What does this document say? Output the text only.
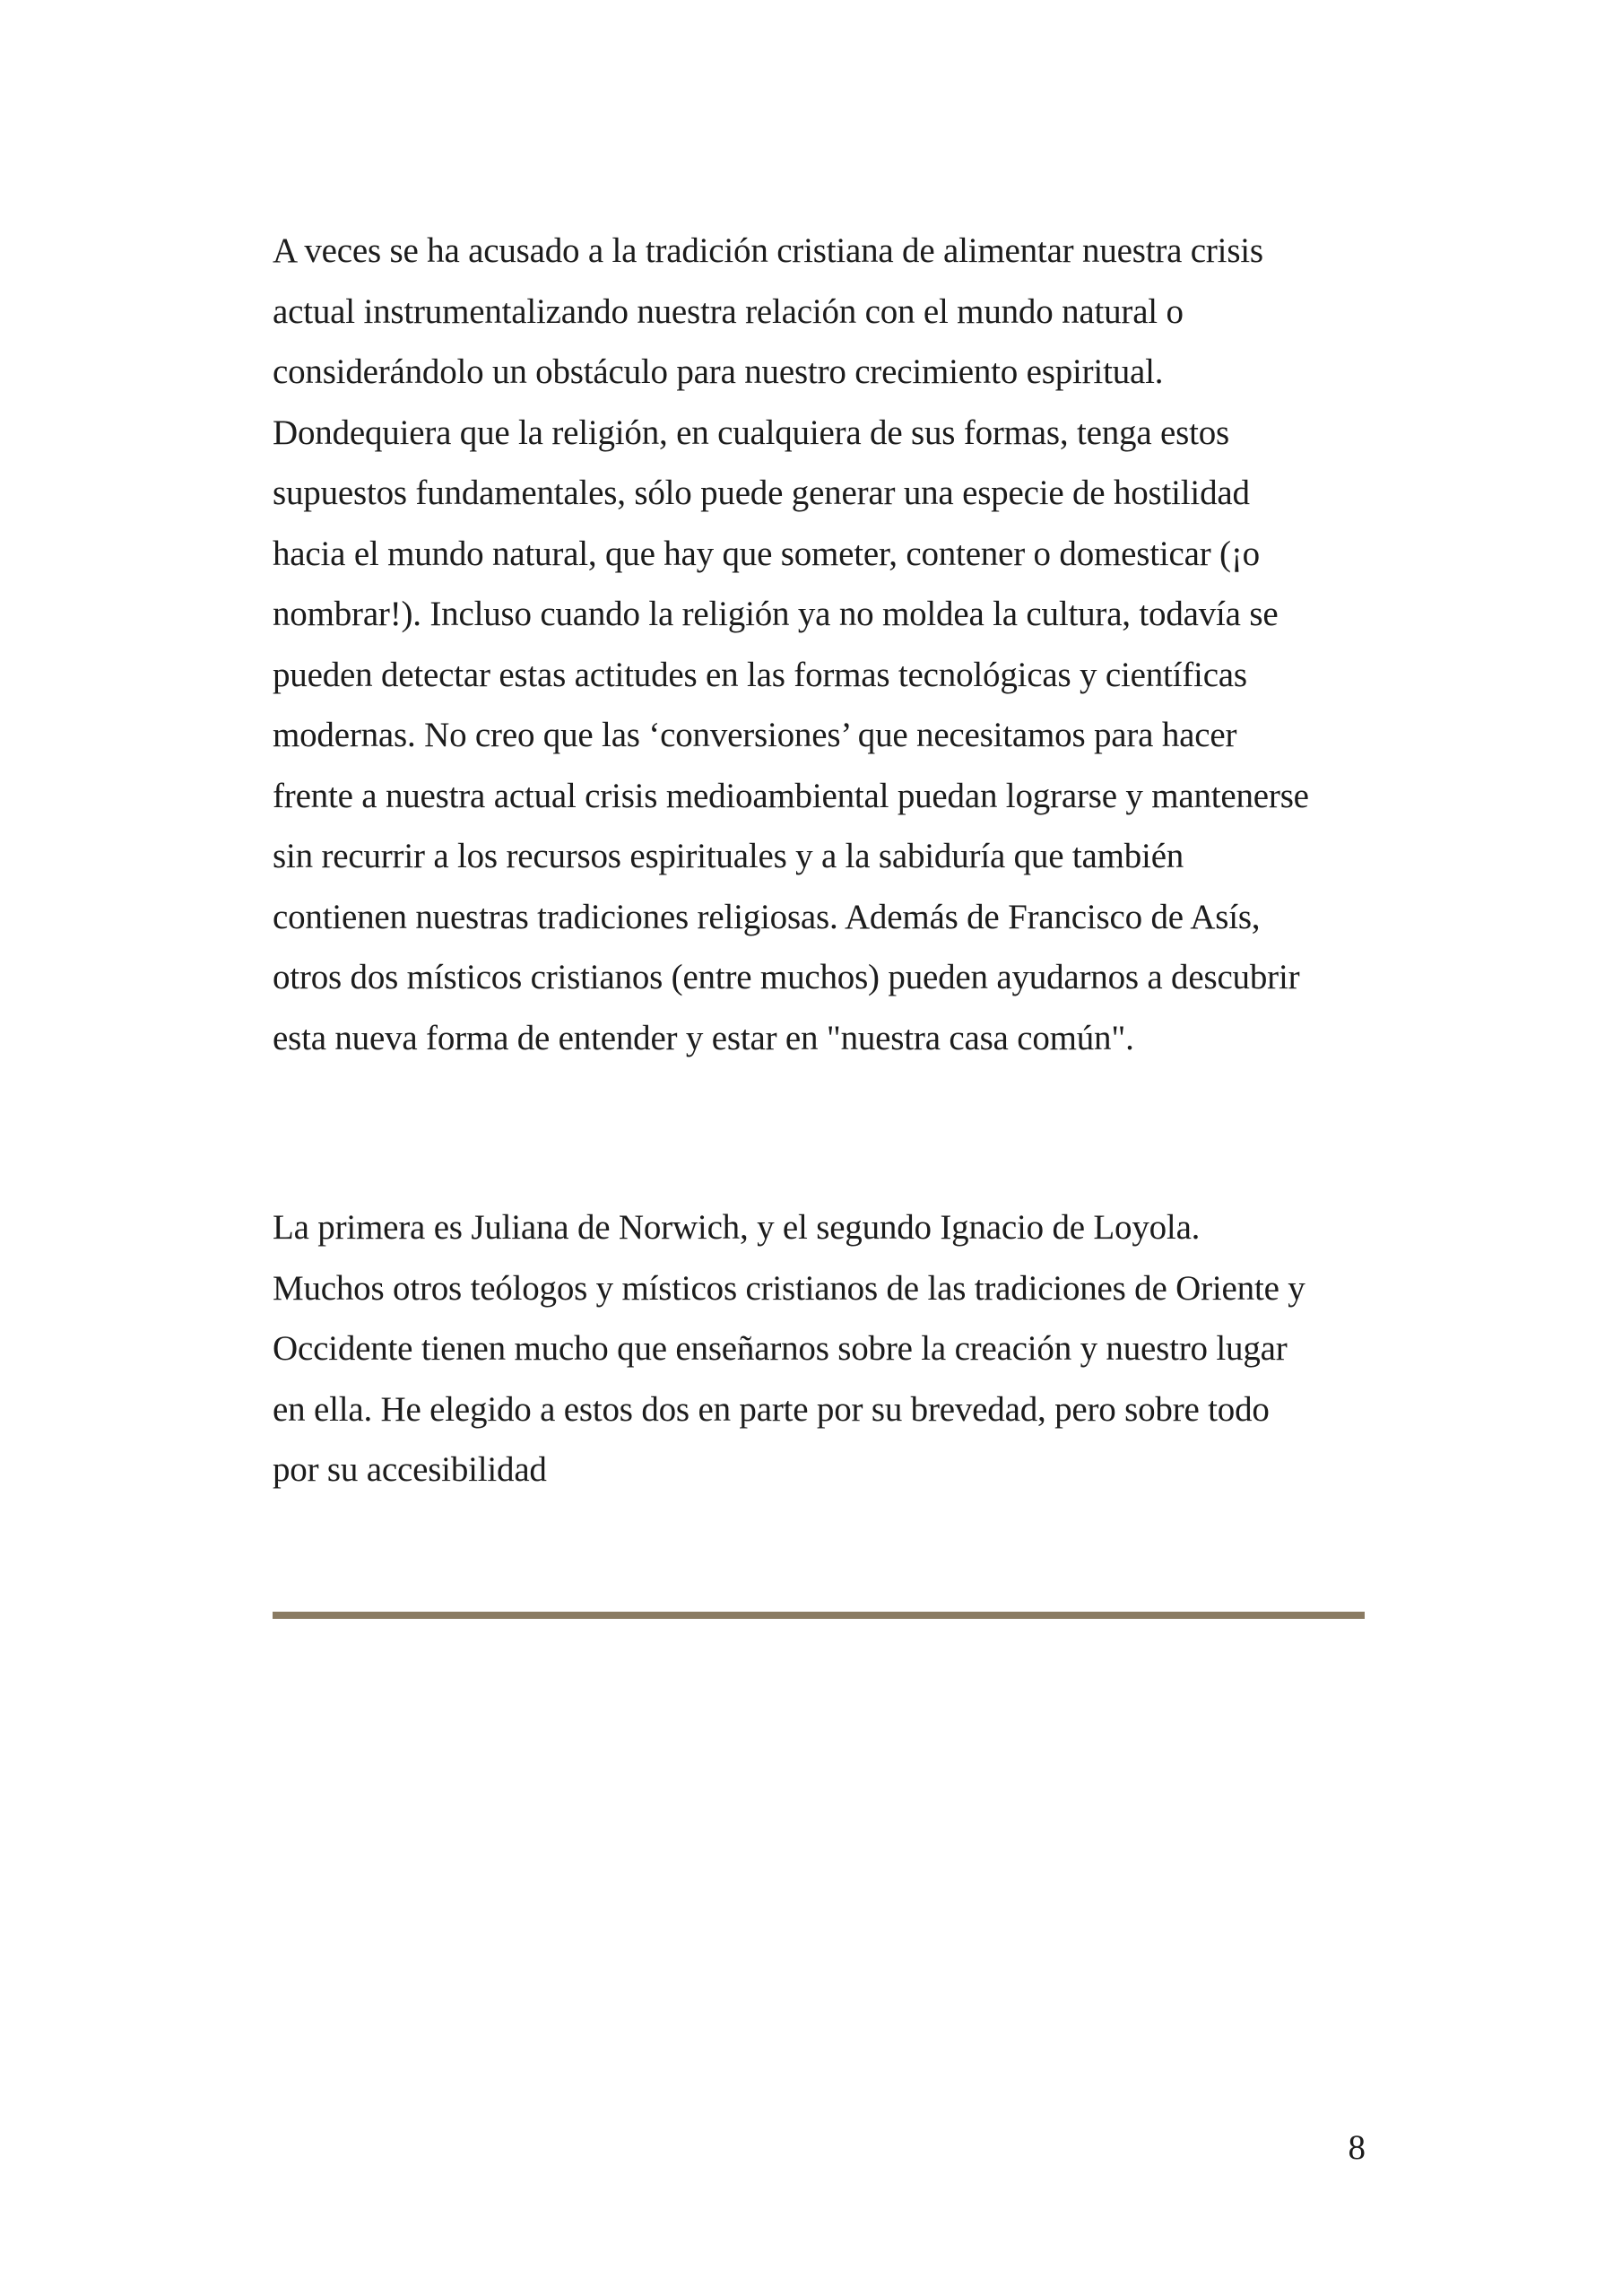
A veces se ha acusado a la tradición cristiana de alimentar nuestra crisis
actual instrumentalizando nuestra relación con el mundo natural o
considerándolo un obstáculo para nuestro crecimiento espiritual.
Dondequiera que la religión, en cualquiera de sus formas, tenga estos
supuestos fundamentales, sólo puede generar una especie de hostilidad
hacia el mundo natural, que hay que someter, contener o domesticar (¡o
nombrar!). Incluso cuando la religión ya no moldea la cultura, todavía se
pueden detectar estas actitudes en las formas tecnológicas y científicas
modernas. No creo que las ‘conversiones’ que necesitamos para hacer
frente a nuestra actual crisis medioambiental puedan lograrse y mantenerse
sin recurrir a los recursos espirituales y a la sabiduría que también
contienen nuestras tradiciones religiosas. Además de Francisco de Asís,
otros dos místicos cristianos (entre muchos) pueden ayudarnos a descubrir
esta nueva forma de entender y estar en "nuestra casa común".

La primera es Juliana de Norwich, y el segundo Ignacio de Loyola.
Muchos otros teólogos y místicos cristianos de las tradiciones de Oriente y
Occidente tienen mucho que enseñarnos sobre la creación y nuestro lugar
en ella. He elegido a estos dos en parte por su brevedad, pero sobre todo
por su accesibilidad

8
